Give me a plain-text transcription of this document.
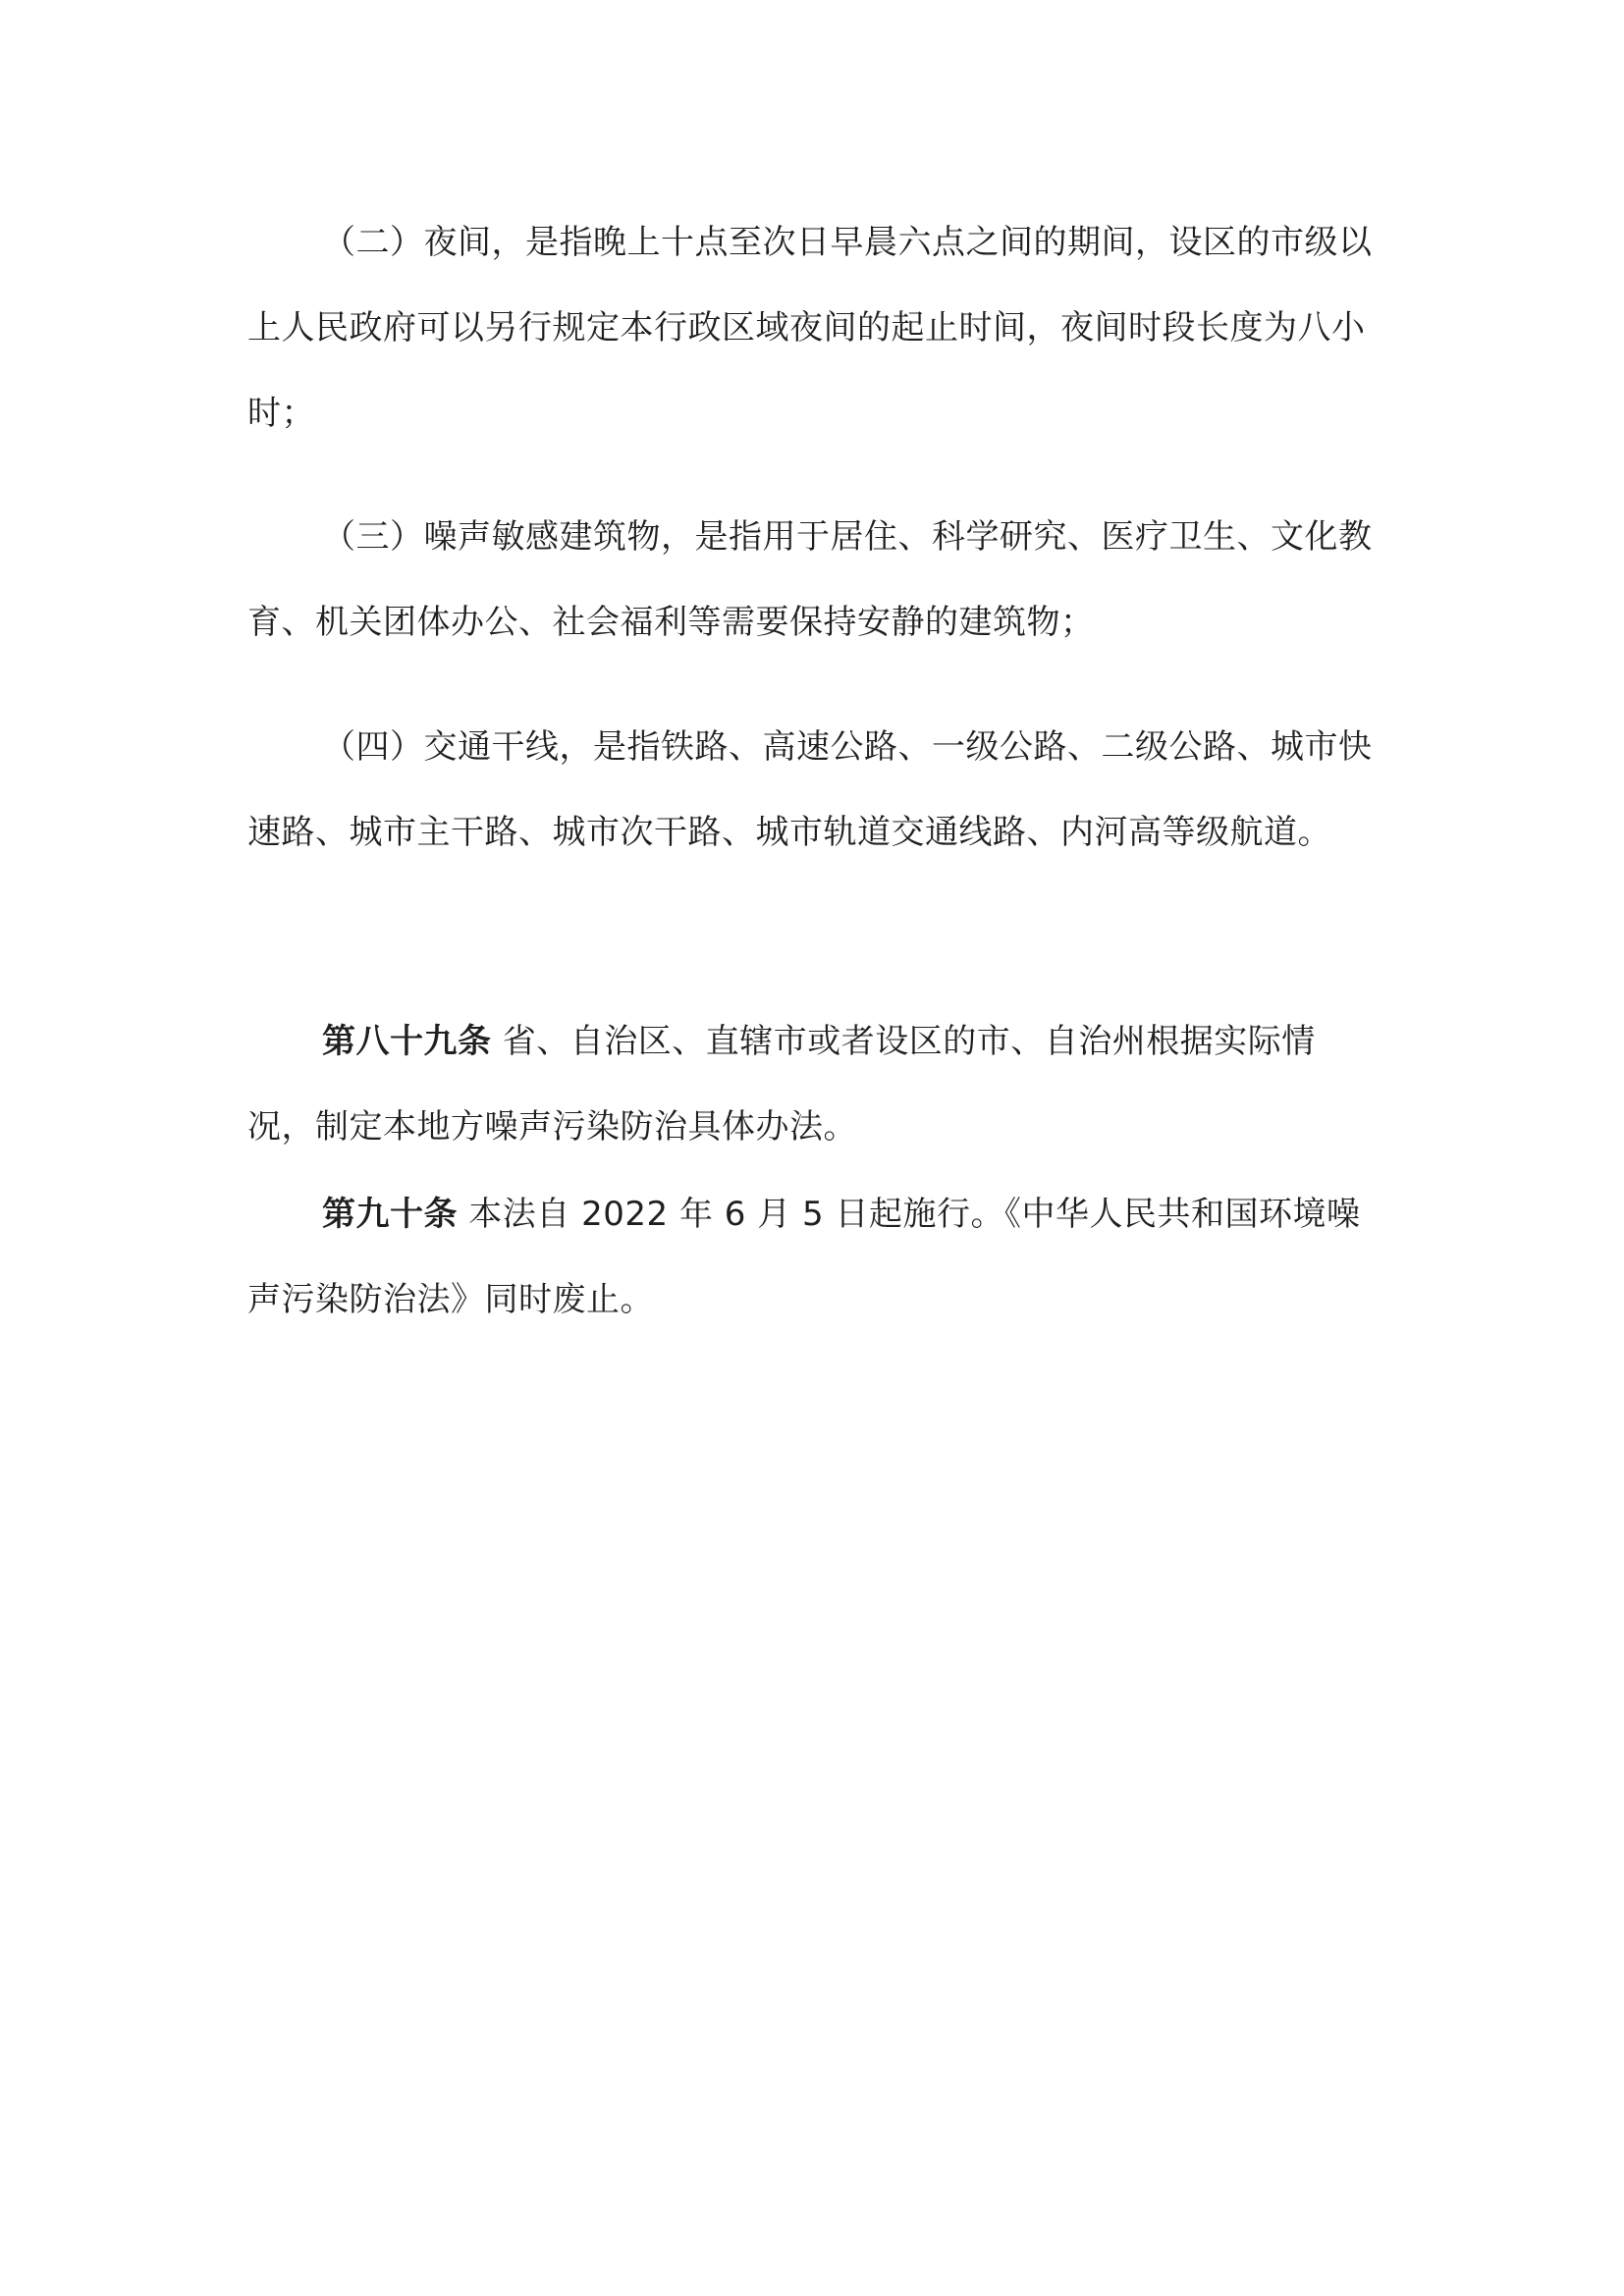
（二）夜间，是指晚上十点至次日早晨六点之间的期间，设区的市级以上人民政府可以另行规定本行政区域夜间的起止时间，夜间时段长度为八小时；

（三）噪声敏感建筑物，是指用于居住、科学研究、医疗卫生、文化教育、机关团体办公、社会福利等需要保持安静的建筑物；

（四）交通干线，是指铁路、高速公路、一级公路、二级公路、城市快速路、城市主干路、城市次干路、城市轨道交通线路、内河高等级航道。

第八十九条 省、自治区、直辖市或者设区的市、自治州根据实际情况，制定本地方噪声污染防治具体办法。

第九十条 本法自 2022 年 6 月 5 日起施行。《中华人民共和国环境噪声污染防治法》同时废止。
